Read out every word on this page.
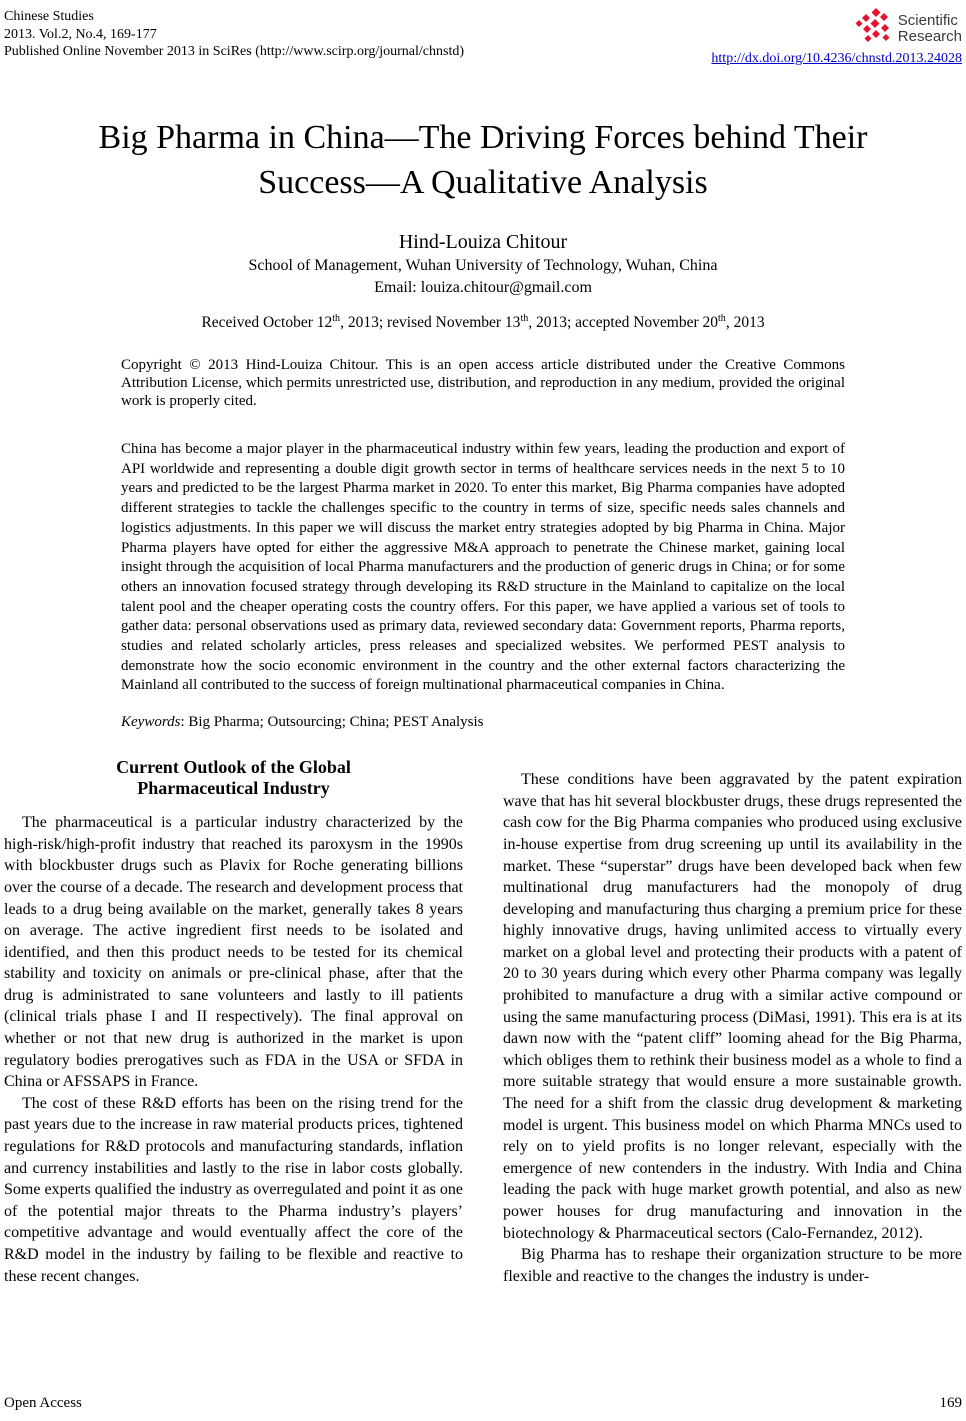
Chinese Studies
2013. Vol.2, No.4, 169-177
Published Online November 2013 in SciRes (http://www.scirp.org/journal/chnstd)
Scientific
Research
http://dx.doi.org/10.4236/chnstd.2013.24028
Big Pharma in China—The Driving Forces behind Their Success—A Qualitative Analysis
Hind-Louiza Chitour
School of Management, Wuhan University of Technology, Wuhan, China
Email: louiza.chitour@gmail.com
Received October 12th, 2013; revised November 13th, 2013; accepted November 20th, 2013
Copyright © 2013 Hind-Louiza Chitour. This is an open access article distributed under the Creative Commons Attribution License, which permits unrestricted use, distribution, and reproduction in any medium, provided the original work is properly cited.
China has become a major player in the pharmaceutical industry within few years, leading the production and export of API worldwide and representing a double digit growth sector in terms of healthcare services needs in the next 5 to 10 years and predicted to be the largest Pharma market in 2020. To enter this market, Big Pharma companies have adopted different strategies to tackle the challenges specific to the country in terms of size, specific needs sales channels and logistics adjustments. In this paper we will discuss the market entry strategies adopted by big Pharma in China. Major Pharma players have opted for either the aggressive M&A approach to penetrate the Chinese market, gaining local insight through the acquisition of local Pharma manufacturers and the production of generic drugs in China; or for some others an innovation focused strategy through developing its R&D structure in the Mainland to capitalize on the local talent pool and the cheaper operating costs the country offers. For this paper, we have applied a various set of tools to gather data: personal observations used as primary data, reviewed secondary data: Government reports, Pharma reports, studies and related scholarly articles, press releases and specialized websites. We performed PEST analysis to demonstrate how the socio economic environment in the country and the other external factors characterizing the Mainland all contributed to the success of foreign multinational pharmaceutical companies in China.
Keywords: Big Pharma; Outsourcing; China; PEST Analysis
Current Outlook of the Global Pharmaceutical Industry

The pharmaceutical is a particular industry characterized by the high-risk/high-profit industry that reached its paroxysm in the 1990s with blockbuster drugs such as Plavix for Roche generating billions over the course of a decade. The research and development process that leads to a drug being available on the market, generally takes 8 years on average. The active ingredient first needs to be isolated and identified, and then this product needs to be tested for its chemical stability and toxicity on animals or pre-clinical phase, after that the drug is administrated to sane volunteers and lastly to ill patients (clinical trials phase I and II respectively). The final approval on whether or not that new drug is authorized in the market is upon regulatory bodies prerogatives such as FDA in the USA or SFDA in China or AFSSAPS in France.

The cost of these R&D efforts has been on the rising trend for the past years due to the increase in raw material products prices, tightened regulations for R&D protocols and manufacturing standards, inflation and currency instabilities and lastly to the rise in labor costs globally. Some experts qualified the industry as overregulated and point it as one of the potential major threats to the Pharma industry’s players’ competitive advantage and would eventually affect the core of the R&D model in the industry by failing to be flexible and reactive to these recent changes.

These conditions have been aggravated by the patent expiration wave that has hit several blockbuster drugs, these drugs represented the cash cow for the Big Pharma companies who produced using exclusive in-house expertise from drug screening up until its availability in the market. These “superstar” drugs have been developed back when few multinational drug manufacturers had the monopoly of drug developing and manufacturing thus charging a premium price for these highly innovative drugs, having unlimited access to virtually every market on a global level and protecting their products with a patent of 20 to 30 years during which every other Pharma company was legally prohibited to manufacture a drug with a similar active compound or using the same manufacturing process (DiMasi, 1991). This era is at its dawn now with the “patent cliff” looming ahead for the Big Pharma, which obliges them to rethink their business model as a whole to find a more suitable strategy that would ensure a more sustainable growth. The need for a shift from the classic drug development & marketing model is urgent. This business model on which Pharma MNCs used to rely on to yield profits is no longer relevant, especially with the emergence of new contenders in the industry. With India and China leading the pack with huge market growth potential, and also as new power houses for drug manufacturing and innovation in the biotechnology & Pharmaceutical sectors (Calo-Fernandez, 2012).

Big Pharma has to reshape their organization structure to be more flexible and reactive to the changes the industry is under-

Open Access	169
